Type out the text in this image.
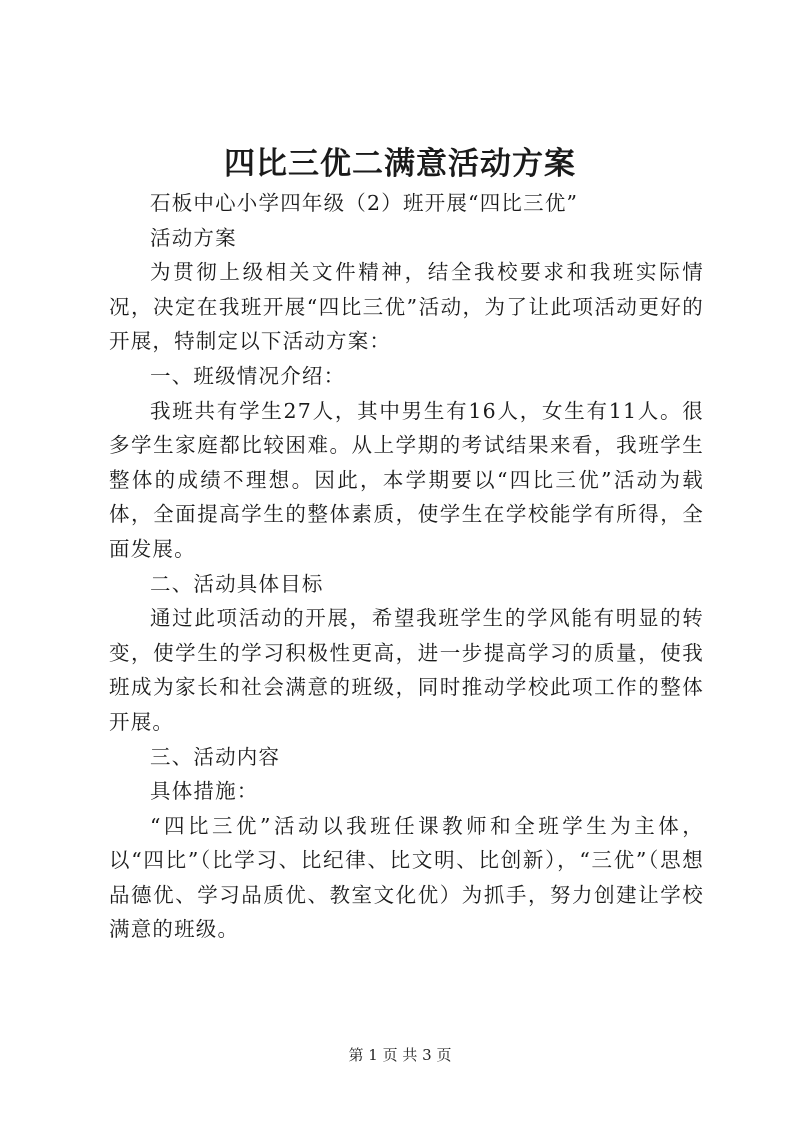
四比三优二满意活动方案

石板中心小学四年级（2）班开展“四比三优”

活动方案

为贯彻上级相关文件精神，结全我校要求和我班实际情况，决定在我班开展“四比三优”活动，为了让此项活动更好的开展，特制定以下活动方案：

一、班级情况介绍：

我班共有学生27人，其中男生有16人，女生有11人。很多学生家庭都比较困难。从上学期的考试结果来看，我班学生整体的成绩不理想。因此，本学期要以“四比三优”活动为载体，全面提高学生的整体素质，使学生在学校能学有所得，全面发展。

二、活动具体目标

通过此项活动的开展，希望我班学生的学风能有明显的转变，使学生的学习积极性更高，进一步提高学习的质量，使我班成为家长和社会满意的班级，同时推动学校此项工作的整体开展。

三、活动内容

具体措施：

“四比三优”活动以我班任课教师和全班学生为主体，以“四比”（比学习、比纪律、比文明、比创新），“三优”（思想品德优、学习品质优、教室文化优）为抓手，努力创建让学校满意的班级。

第 1 页 共 3 页
